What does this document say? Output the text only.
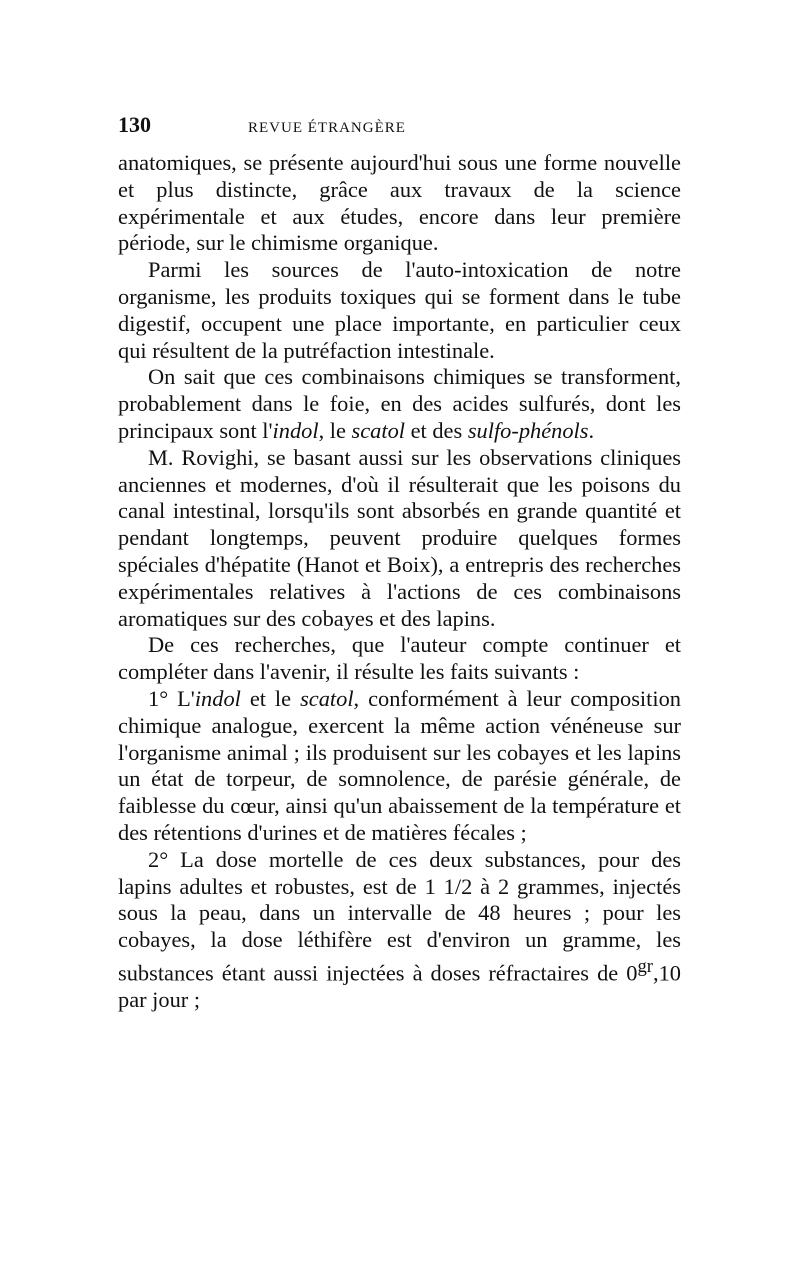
130	REVUE ÉTRANGÈRE

anatomiques, se présente aujourd'hui sous une forme nouvelle et plus distincte, grâce aux travaux de la science expérimentale et aux études, encore dans leur première période, sur le chimisme organique.

Parmi les sources de l'auto-intoxication de notre organisme, les produits toxiques qui se forment dans le tube digestif, occupent une place importante, en particulier ceux qui résultent de la putréfaction intestinale.

On sait que ces combinaisons chimiques se transforment, probablement dans le foie, en des acides sulfurés, dont les principaux sont l'indol, le scatol et des sulfo-phénols.

M. Rovighi, se basant aussi sur les observations cliniques anciennes et modernes, d'où il résulterait que les poisons du canal intestinal, lorsqu'ils sont absorbés en grande quantité et pendant longtemps, peuvent produire quelques formes spéciales d'hépatite (Hanot et Boix), a entrepris des recherches expérimentales relatives à l'actions de ces combinaisons aromatiques sur des cobayes et des lapins.

De ces recherches, que l'auteur compte continuer et compléter dans l'avenir, il résulte les faits suivants :

1° L'indol et le scatol, conformément à leur composition chimique analogue, exercent la même action vénéneuse sur l'organisme animal ; ils produisent sur les cobayes et les lapins un état de torpeur, de somnolence, de parésie générale, de faiblesse du cœur, ainsi qu'un abaissement de la température et des rétentions d'urines et de matières fécales ;

2° La dose mortelle de ces deux substances, pour des lapins adultes et robustes, est de 1 1/2 à 2 grammes, injectés sous la peau, dans un intervalle de 48 heures ; pour les cobayes, la dose léthifère est d'environ un gramme, les substances étant aussi injectées à doses réfractaires de $0^{gr},10$ par jour ;
